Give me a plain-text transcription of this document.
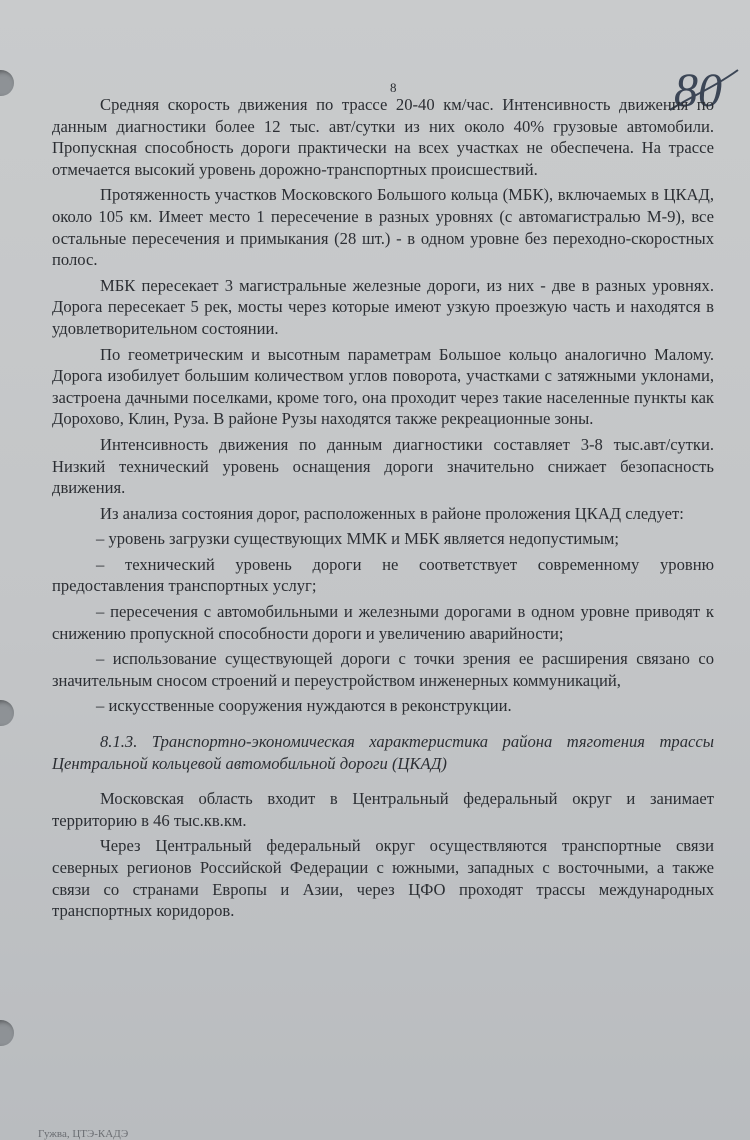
8	80

Средняя скорость движения по трассе 20-40 км/час. Интенсивность движения по данным диагностики более 12 тыс. авт/сутки из них около 40% грузовые автомобили. Пропускная способность дороги практически на всех участках не обеспечена. На трассе отмечается высокий уровень дорожно-транспортных происшествий.

Протяженность участков Московского Большого кольца (МБК), включаемых в ЦКАД, около 105 км. Имеет место 1 пересечение в разных уровнях (с автомагистралью М-9), все остальные пересечения и примыкания (28 шт.) - в одном уровне без переходно-скоростных полос.

МБК пересекает 3 магистральные железные дороги, из них - две в разных уровнях. Дорога пересекает 5 рек, мосты через которые имеют узкую проезжую часть и находятся в удовлетворительном состоянии.

По геометрическим и высотным параметрам Большое кольцо аналогично Малому. Дорога изобилует большим количеством углов поворота, участками с затяжными уклонами, застроена дачными поселками, кроме того, она проходит через такие населенные пункты как Дорохово, Клин, Руза. В районе Рузы находятся также рекреационные зоны.

Интенсивность движения по данным диагностики составляет 3-8 тыс.авт/сутки. Низкий технический уровень оснащения дороги значительно снижает безопасность движения.

Из анализа состояния дорог, расположенных в районе проложения ЦКАД следует:

– уровень загрузки существующих ММК и МБК является недопустимым;

– технический уровень дороги не соответствует современному уровню предоставления транспортных услуг;

– пересечения с автомобильными и железными дорогами в одном уровне приводят к снижению пропускной способности дороги и увеличению аварийности;

– использование существующей дороги с точки зрения ее расширения связано со значительным сносом строений и переустройством инженерных коммуникаций,

– искусственные сооружения нуждаются в реконструкции.

8.1.3. Транспортно-экономическая характеристика района тяготения трассы Центральной кольцевой автомобильной дороги (ЦКАД)

Московская область входит в Центральный федеральный округ и занимает территорию в 46 тыс.кв.км.

Через Центральный федеральный округ осуществляются транспортные связи северных регионов Российской Федерации с южными, западных с восточными, а также связи со странами Европы и Азии, через ЦФО проходят трассы международных транспортных коридоров.

Гужва, ЦТЭ-КАДЭ
